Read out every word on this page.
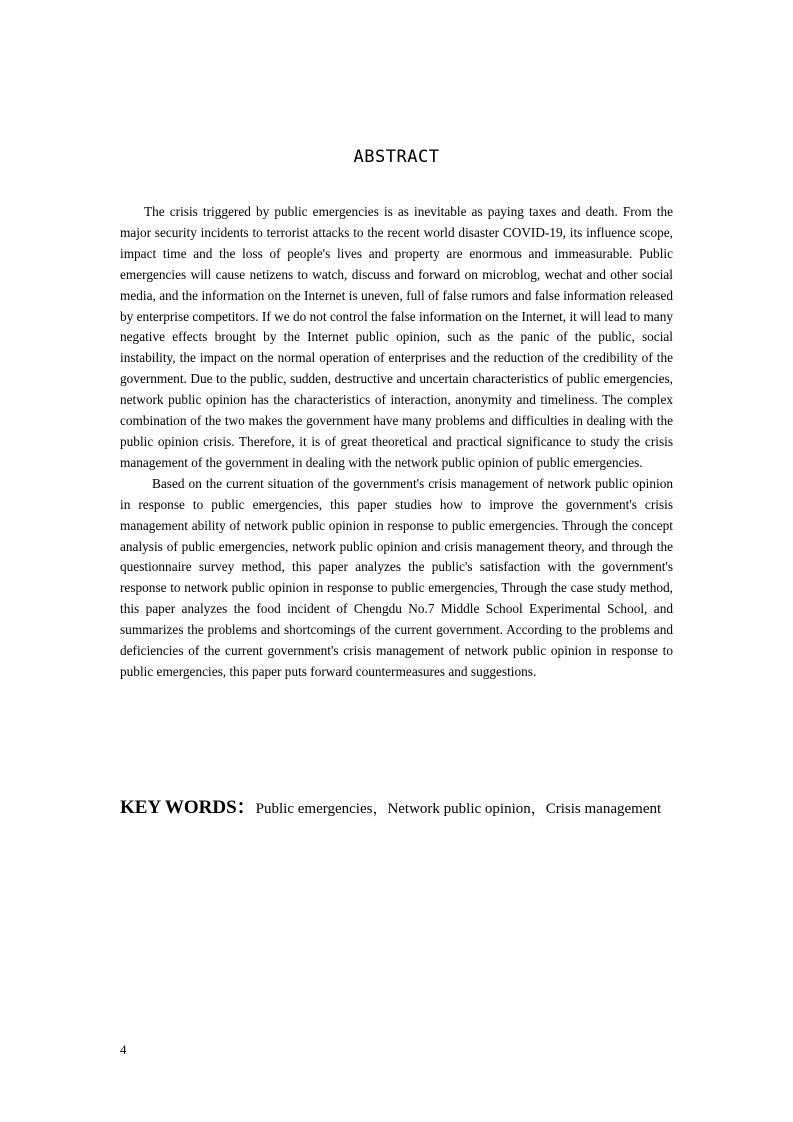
ABSTRACT

The crisis triggered by public emergencies is as inevitable as paying taxes and death. From the major security incidents to terrorist attacks to the recent world disaster COVID-19, its influence scope, impact time and the loss of people's lives and property are enormous and immeasurable. Public emergencies will cause netizens to watch, discuss and forward on microblog, wechat and other social media, and the information on the Internet is uneven, full of false rumors and false information released by enterprise competitors. If we do not control the false information on the Internet, it will lead to many negative effects brought by the Internet public opinion, such as the panic of the public, social instability, the impact on the normal operation of enterprises and the reduction of the credibility of the government. Due to the public, sudden, destructive and uncertain characteristics of public emergencies, network public opinion has the characteristics of interaction, anonymity and timeliness. The complex combination of the two makes the government have many problems and difficulties in dealing with the public opinion crisis. Therefore, it is of great theoretical and practical significance to study the crisis management of the government in dealing with the network public opinion of public emergencies.

Based on the current situation of the government's crisis management of network public opinion in response to public emergencies, this paper studies how to improve the government's crisis management ability of network public opinion in response to public emergencies. Through the concept analysis of public emergencies, network public opinion and crisis management theory, and through the questionnaire survey method, this paper analyzes the public's satisfaction with the government's response to network public opinion in response to public emergencies, Through the case study method, this paper analyzes the food incident of Chengdu No.7 Middle School Experimental School, and summarizes the problems and shortcomings of the current government. According to the problems and deficiencies of the current government's crisis management of network public opinion in response to public emergencies, this paper puts forward countermeasures and suggestions.

KEY WORDS：Public emergencies，Network public opinion，Crisis management
4
